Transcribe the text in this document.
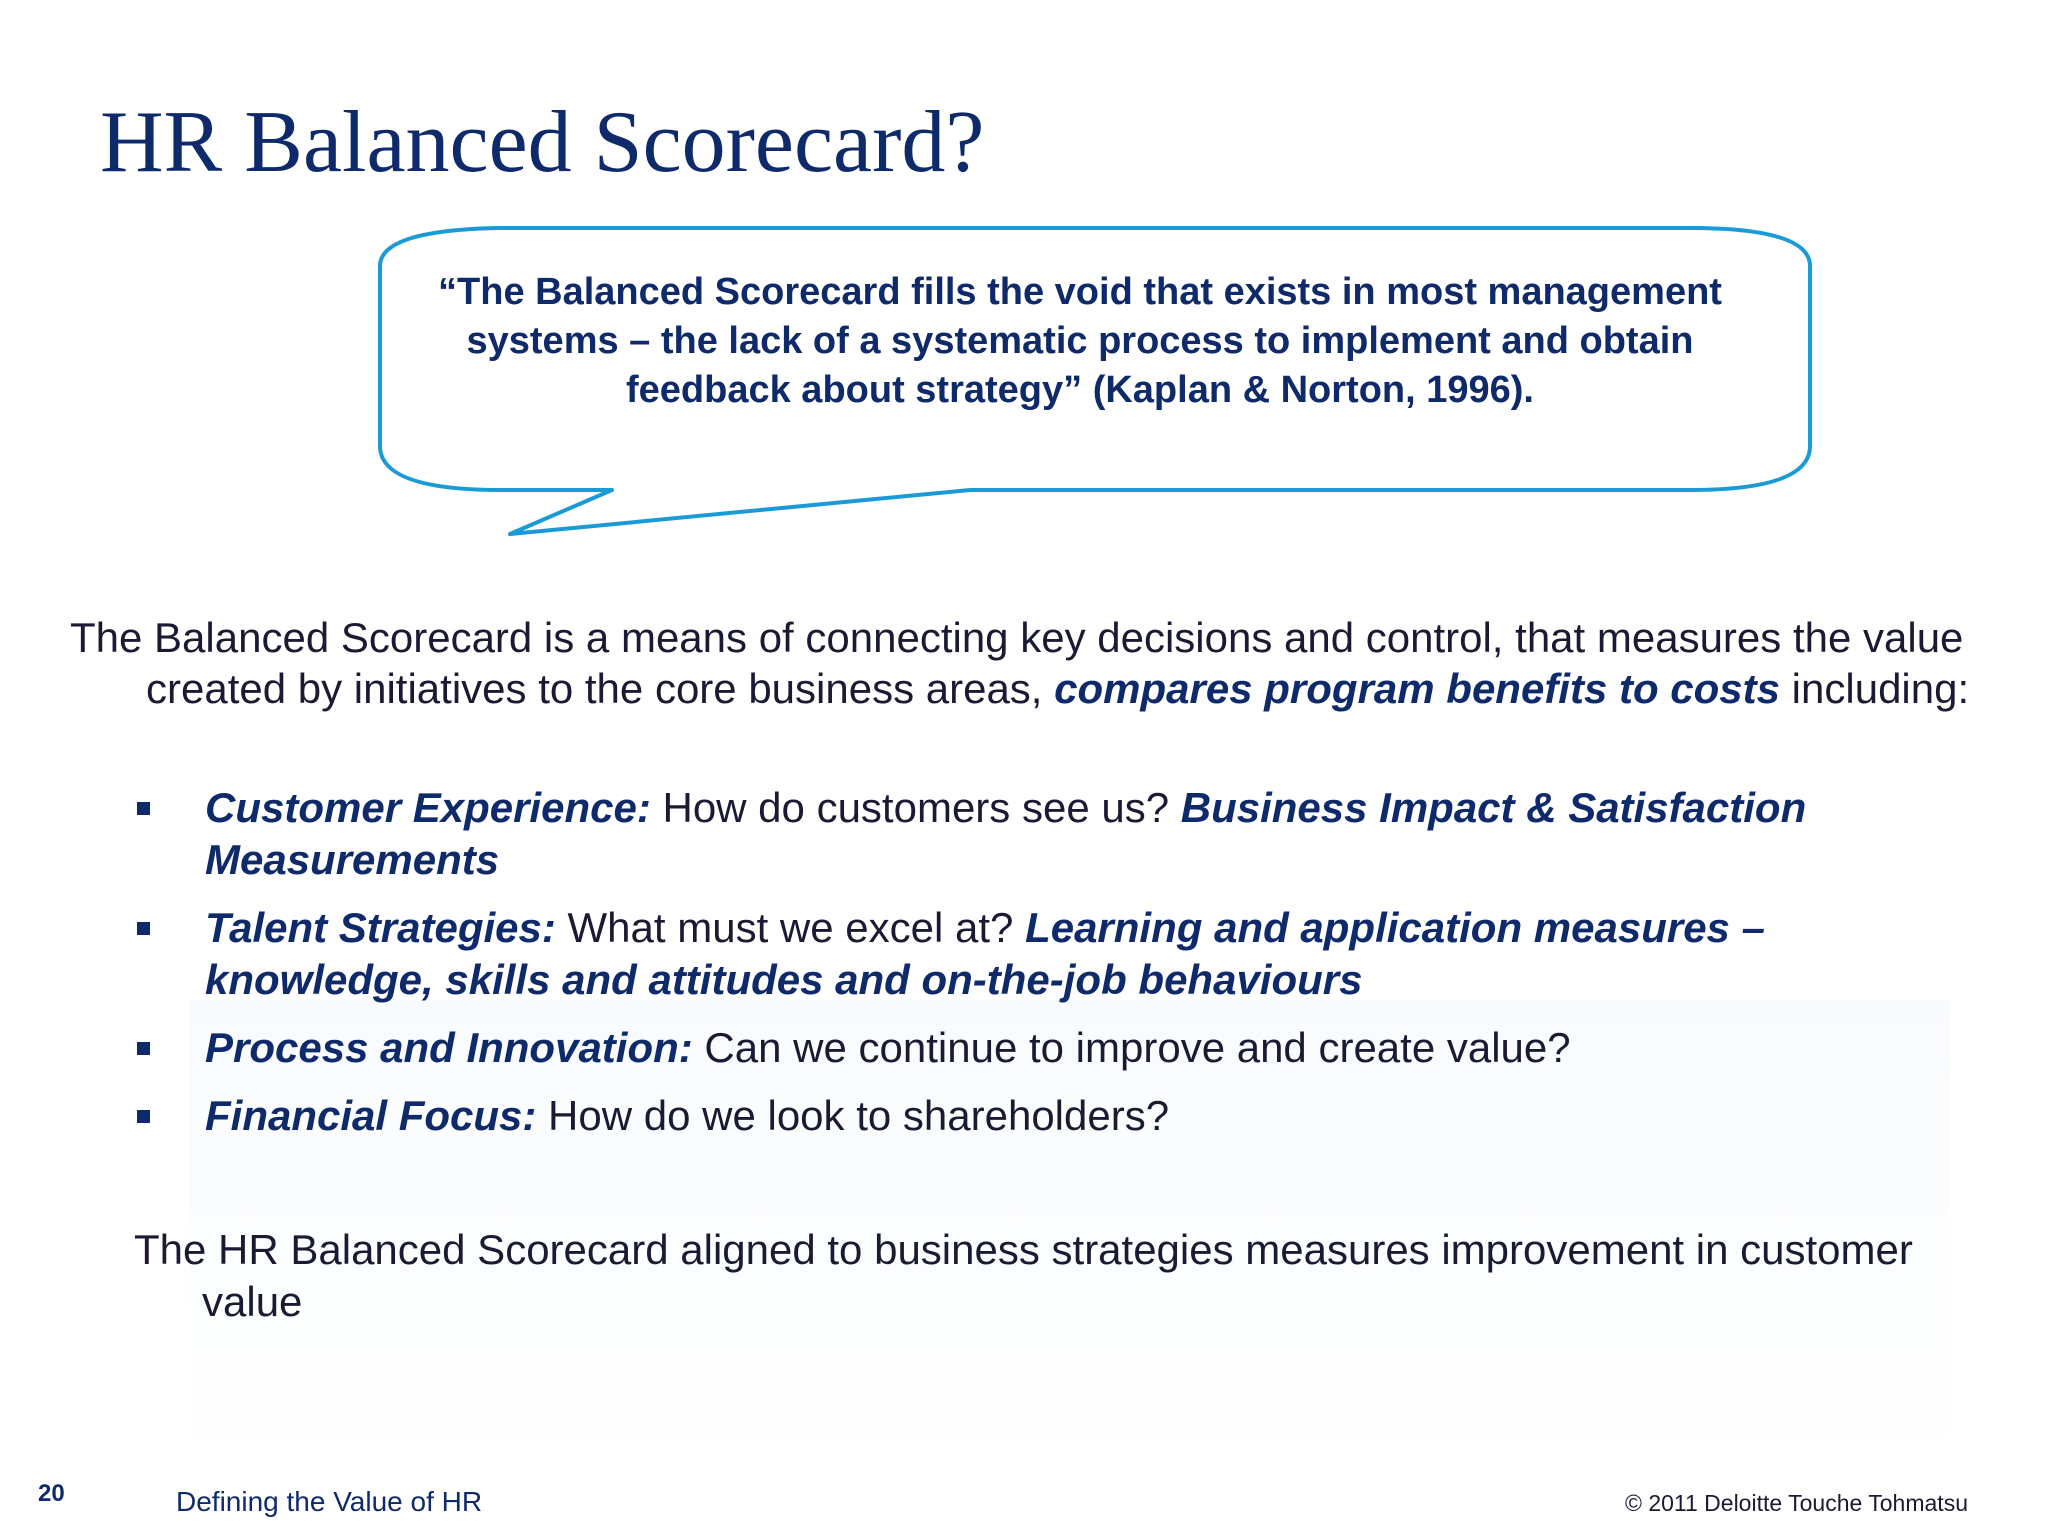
HR Balanced Scorecard?
“The Balanced Scorecard fills the void that exists in most management systems – the lack of a systematic process to implement and obtain feedback about strategy” (Kaplan & Norton, 1996).
The Balanced Scorecard is a means of connecting key decisions and control, that measures the value created by initiatives to the core business areas, compares program benefits to costs including:
Customer Experience: How do customers see us? Business Impact & Satisfaction Measurements
Talent Strategies: What must we excel at? Learning and application measures – knowledge, skills and attitudes and on-the-job behaviours
Process and Innovation: Can we continue to improve and create value?
Financial Focus: How do we look to shareholders?
The HR Balanced Scorecard aligned to business strategies measures improvement in customer value
20	Defining the Value of HR	© 2011 Deloitte Touche Tohmatsu
